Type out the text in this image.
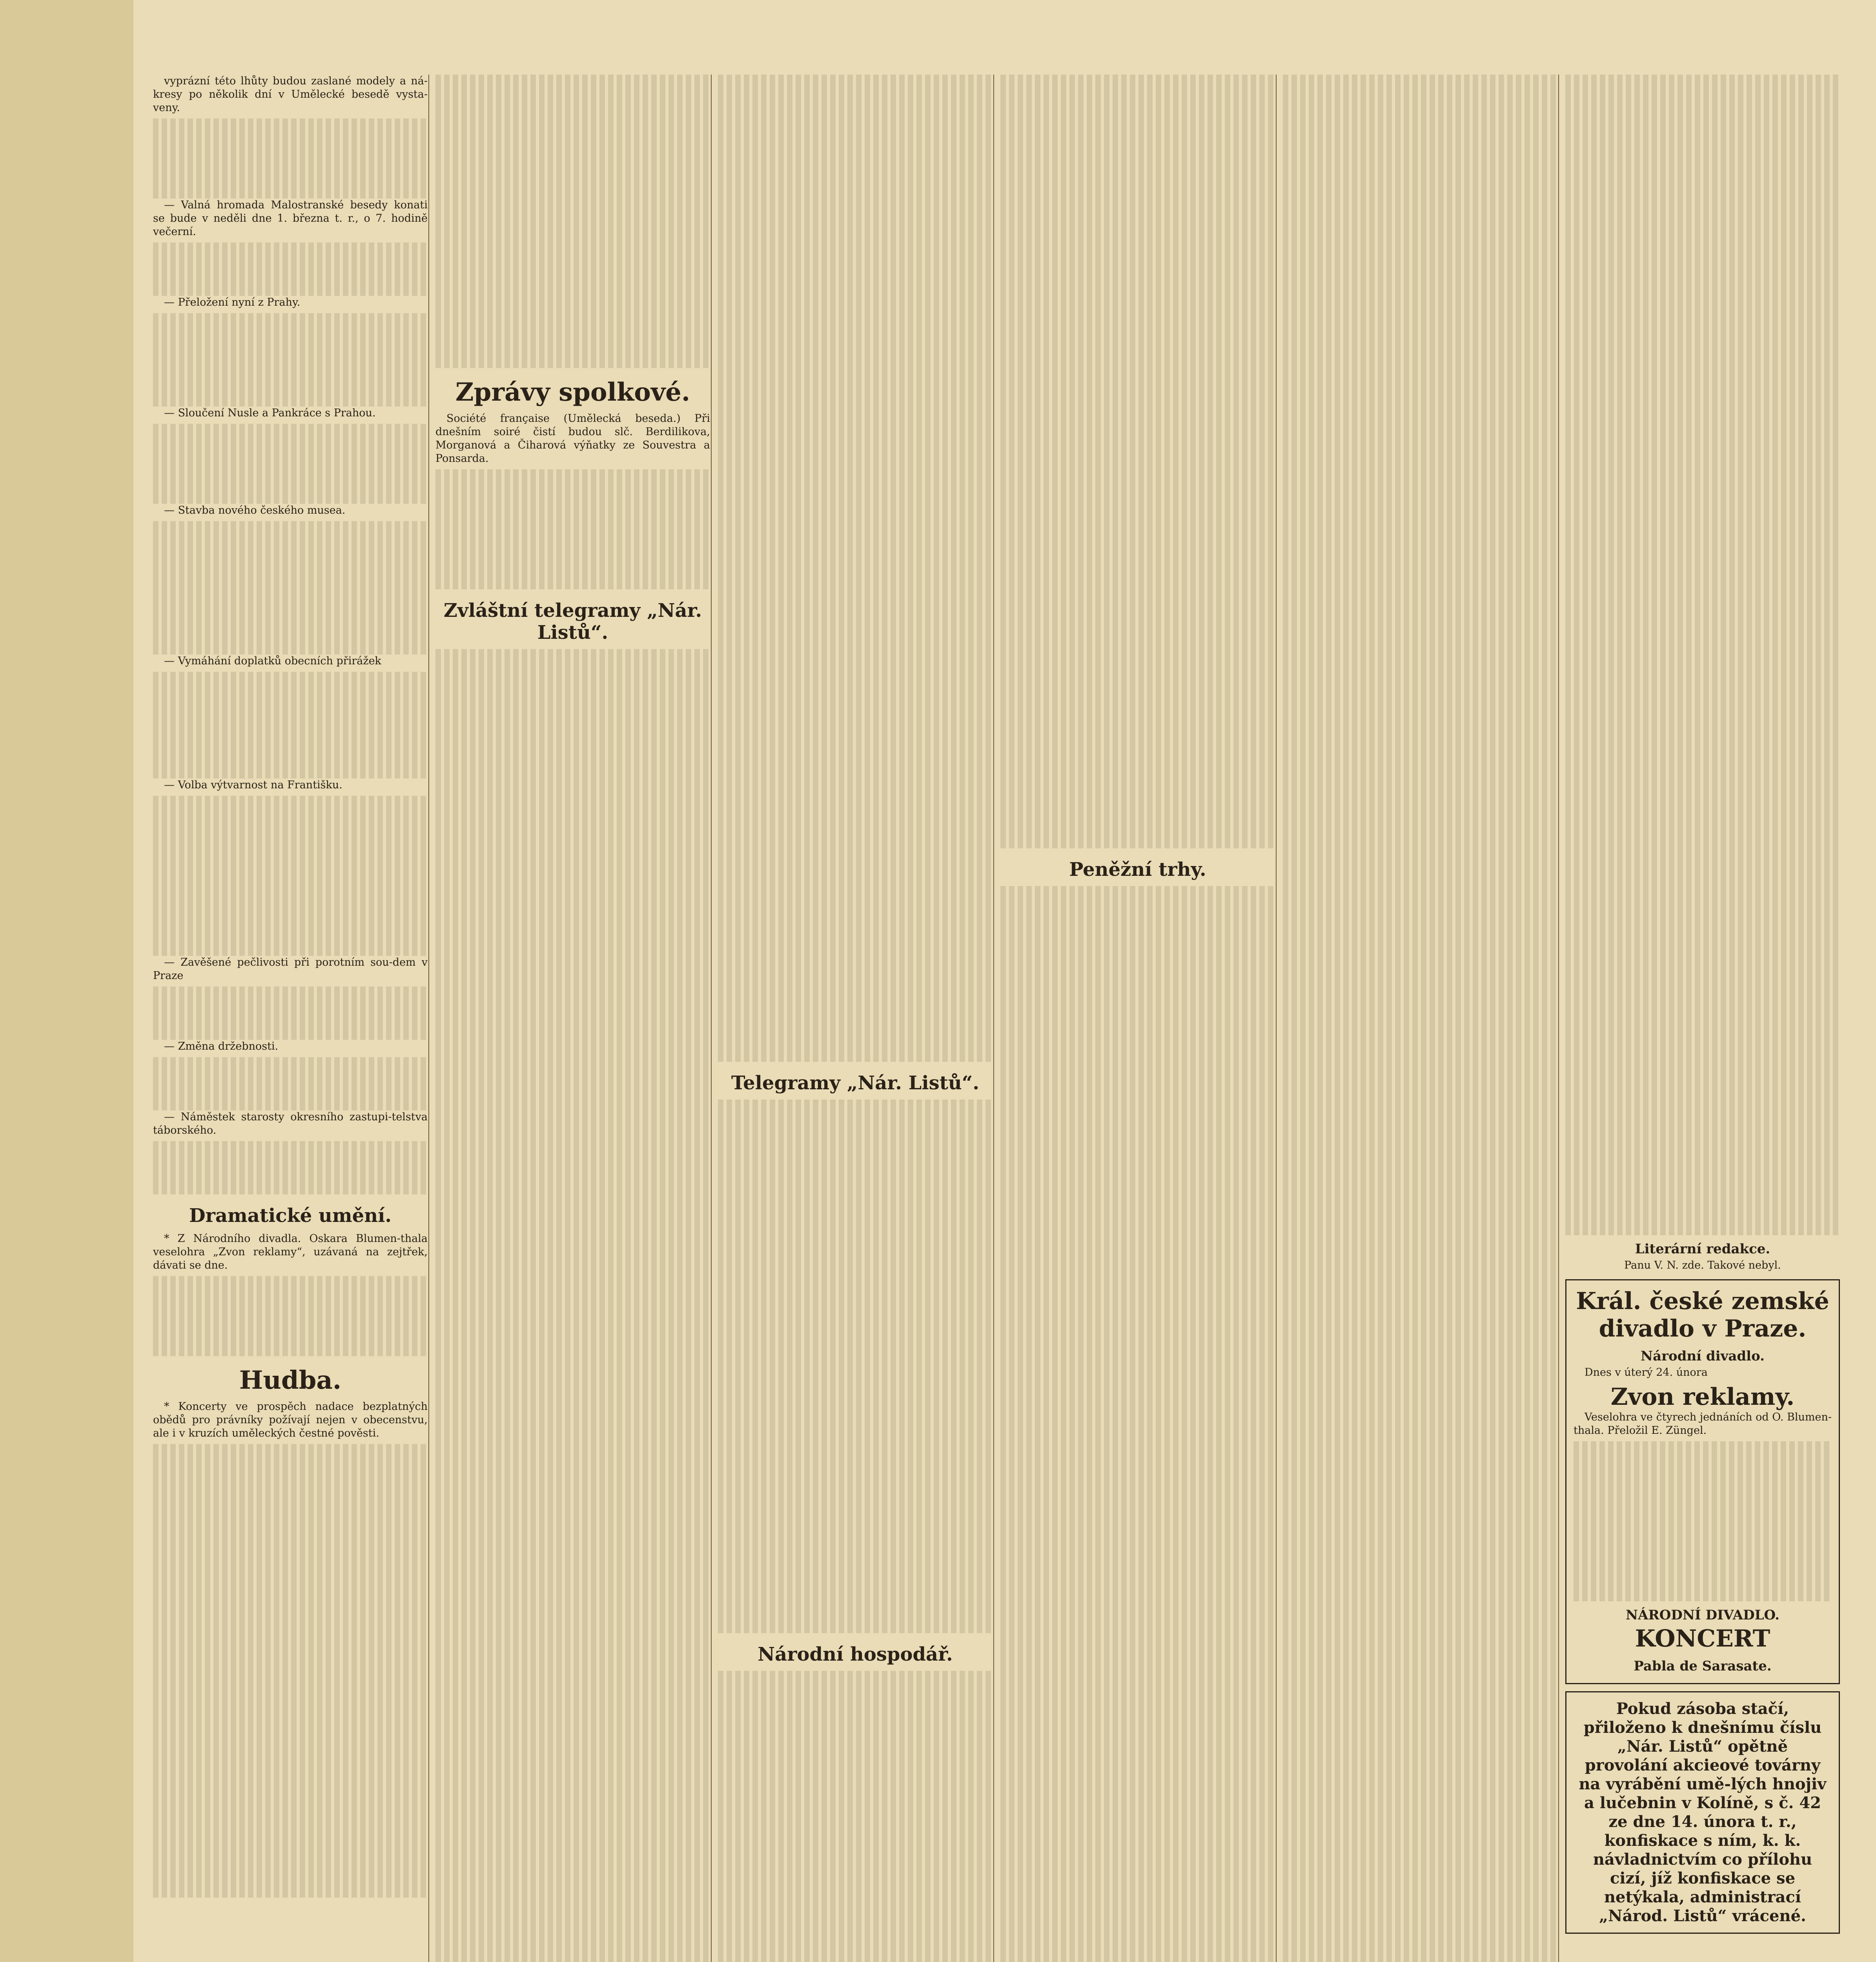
vyprázní této lhůty budou zaslané modely a ná-kresy po několik dní v Umělecké besedě vysta-veny.

— Valná hromada Malostranské besedy konati se bude v neděli dne 1. března t. r., o 7. hodině večerní.

— Přeložení nyní z Prahy.

— Sloučení Nusle a Pankráce s Prahou.

— Stavba nového českého musea.

— Vymáhání doplatků obecních přirážek

— Volba výtvarnost na Františku.

— Zavěšené pečlivosti při porotním sou-dem v Praze

— Změna držebnosti.

— Náměstek starosty okresního zastupi-telstva táborského.

Dramatické umění.

* Z Národního divadla. Oskara Blumen-thala veselohra „Zvon reklamy“, uzávaná na zejtřek, dávati se dne.

Hudba.

* Koncerty ve prospěch nadace bezplatných obědů pro právníky požívají nejen v obecenstvu, ale i v kruzích uměleckých čestné pověsti.

Zprávy spolkové.

Société française (Umělecká beseda.) Při dnešním soiré čistí budou slč. Berdilikova, Morganová a Čiharová výňatky ze Souvestra a Ponsarda.

Zvláštní telegramy „Nár. Listů“.
Telegramy „Nár. Listů“.
Národní hospodář.
Peněžní trhy.
Literární redakce.

Panu V. N. zde. Takové nebyl.

Král. české zemské divadlo v Praze.
Národní divadlo.

Dnes v úterý 24. února

Zvon reklamy.

Veselohra ve čtyrech jednáních od O. Blumen-thala. Přeložil E. Züngel.

NÁRODNÍ DIVADLO.
KONCERT
Pabla de Sarasate.
Pokud zásoba stačí, přiloženo k dnešnímu číslu „Nár. Listů“ opětně provolání akcieové továrny na vyrábění umě-lých hnojiv a lučebnin v Kolíně, s č. 42 ze dne 14. února t. r., konfiskace s ním, k. k. návladnictvím co přílohu cizí, jíž konfiskace se netýkala, administrací „Národ. Listů“ vrácené.
